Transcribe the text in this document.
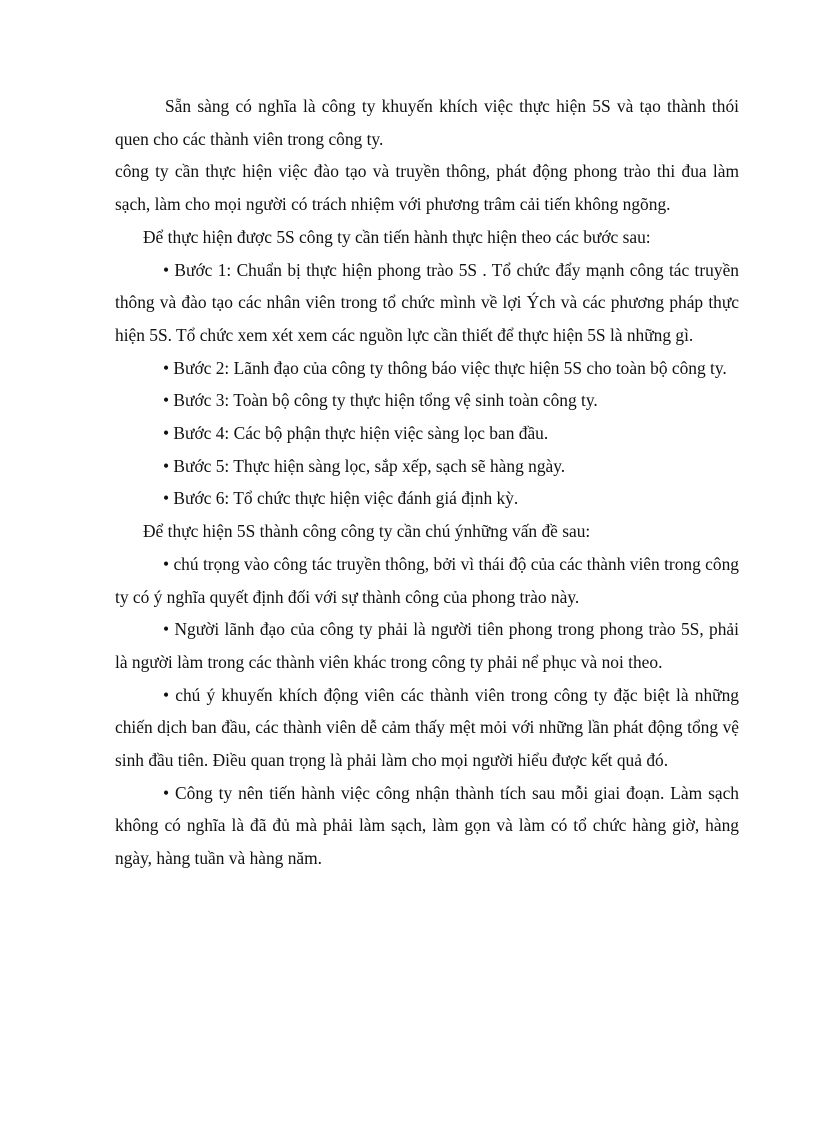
Sẵn sàng có nghĩa là công ty khuyến khích việc thực hiện 5S và tạo thành thói quen cho các thành viên trong công ty.

công ty cần thực hiện việc đào tạo và truyền thông, phát động phong trào thi đua làm sạch, làm cho mọi người có trách nhiệm với phương trâm cải tiến không ngõng.

Để thực hiện được 5S công ty cần tiến hành thực hiện theo các bước sau:

• Bước 1: Chuẩn bị thực hiện phong trào 5S . Tổ chức đẩy mạnh công tác truyền thông và đào tạo các nhân viên trong tổ chức mình về lợi Ých và các phương pháp thực hiện 5S. Tổ chức xem xét xem các nguồn lực cần thiết để thực hiện 5S là những gì.

• Bước 2: Lãnh đạo của công ty thông báo việc thực hiện 5S cho toàn bộ công ty.

• Bước 3: Toàn bộ công ty thực hiện tổng vệ sinh toàn công ty.

• Bước 4: Các bộ phận thực hiện việc sàng lọc ban đầu.

• Bước 5: Thực hiện sàng lọc, sắp xếp, sạch sẽ hàng ngày.

• Bước 6: Tổ chức thực hiện việc đánh giá định kỳ.

Để thực hiện 5S thành công công ty cần chú ýnhững vấn đề sau:

• chú trọng vào công tác truyền thông, bởi vì thái độ của các thành viên trong công ty có ý nghĩa quyết định đối với sự thành công của phong trào này.

• Người lãnh đạo của công ty phải là người tiên phong trong phong trào 5S, phải là người làm trong các thành viên khác trong công ty phải nể phục và noi theo.

• chú ý khuyến khích động viên các thành viên trong công ty đặc biệt là những chiến dịch ban đầu, các thành viên dễ cảm thấy mệt mỏi với những lần phát động tổng vệ sinh đầu tiên. Điều quan trọng là phải làm cho mọi người hiểu được kết quả đó.

• Công ty nên tiến hành việc công nhận thành tích sau mỗi giai đoạn. Làm sạch không có nghĩa là đã đủ mà phải làm sạch, làm gọn và làm có tổ chức hàng giờ, hàng ngày, hàng tuần và hàng năm.
